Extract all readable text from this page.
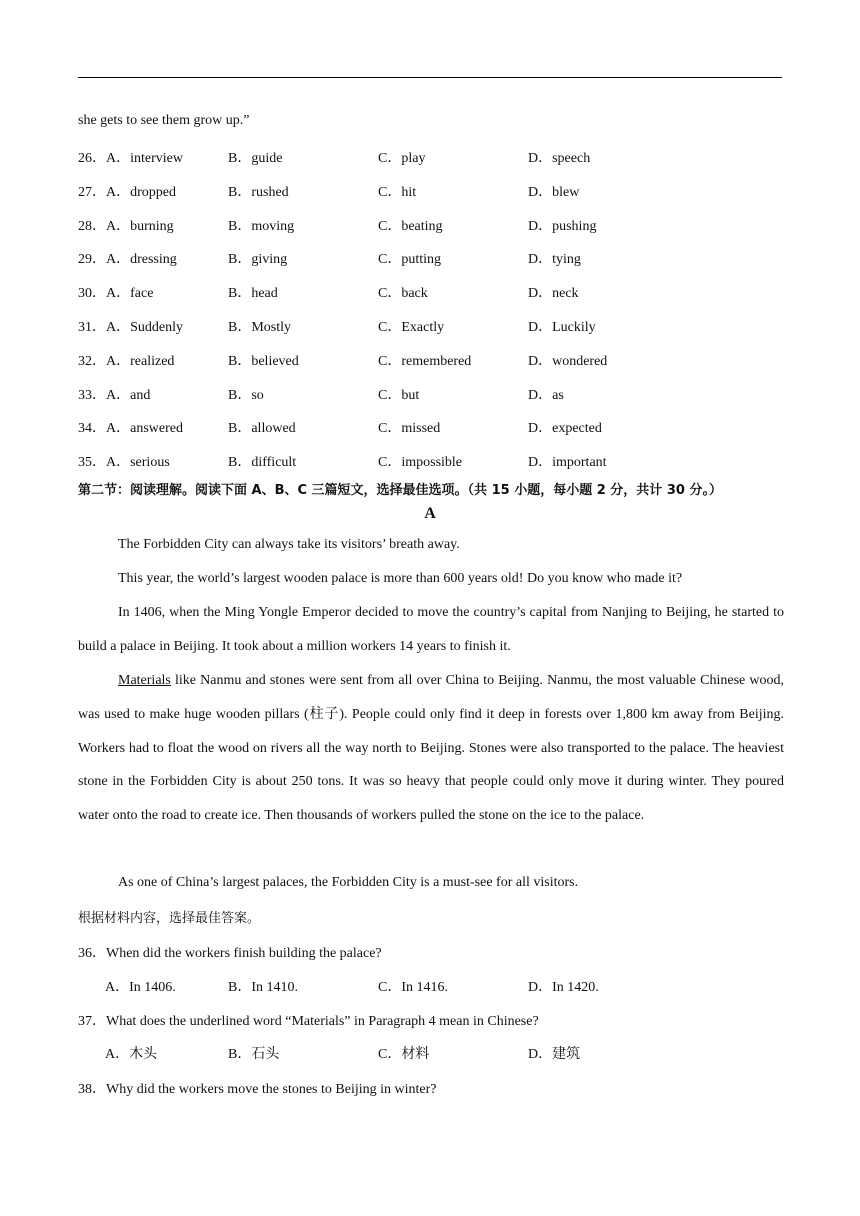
she gets to see them grow up.”
26．A．interview	B．guide	C．play	D．speech
27．A．dropped	B．rushed	C．hit	D．blew
28．A．burning	B．moving	C．beating	D．pushing
29．A．dressing	B．giving	C．putting	D．tying
30．A．face	B．head	C．back	D．neck
31．A．Suddenly	B．Mostly	C．Exactly	D．Luckily
32．A．realized	B．believed	C．remembered	D．wondered
33．A．and	B．so	C．but	D．as
34．A．answered	B．allowed	C．missed	D．expected
35．A．serious	B．difficult	C．impossible	D．important
第二节：阅读理解。阅读下面 A、B、C 三篇短文，选择最佳选项。（共 15 小题，每小题 2 分，共计 30 分。）
A

The Forbidden City can always take its visitors’ breath away.

This year, the world’s largest wooden palace is more than 600 years old! Do you know who made it?

In 1406, when the Ming Yongle Emperor decided to move the country’s capital from Nanjing to Beijing, he started to build a palace in Beijing. It took about a million workers 14 years to finish it.

Materials like Nanmu and stones were sent from all over China to Beijing. Nanmu, the most valuable Chinese wood, was used to make huge wooden pillars (柱子). People could only find it deep in forests over 1,800 km away from Beijing. Workers had to float the wood on rivers all the way north to Beijing. Stones were also transported to the palace. The heaviest stone in the Forbidden City is about 250 tons. It was so heavy that people could only move it during winter. They poured water onto the road to create ice. Then thousands of workers pulled the stone on the ice to the palace.

As one of China’s largest palaces, the Forbidden City is a must-see for all visitors.

根据材料内容，选择最佳答案。
36．When did the workers finish building the palace?
A．In 1406.	B．In 1410.	C．In 1416.	D．In 1420.
37．What does the underlined word “Materials” in Paragraph 4 mean in Chinese?
A．木头	B．石头	C．材料	D．建筑
38．Why did the workers move the stones to Beijing in winter?
